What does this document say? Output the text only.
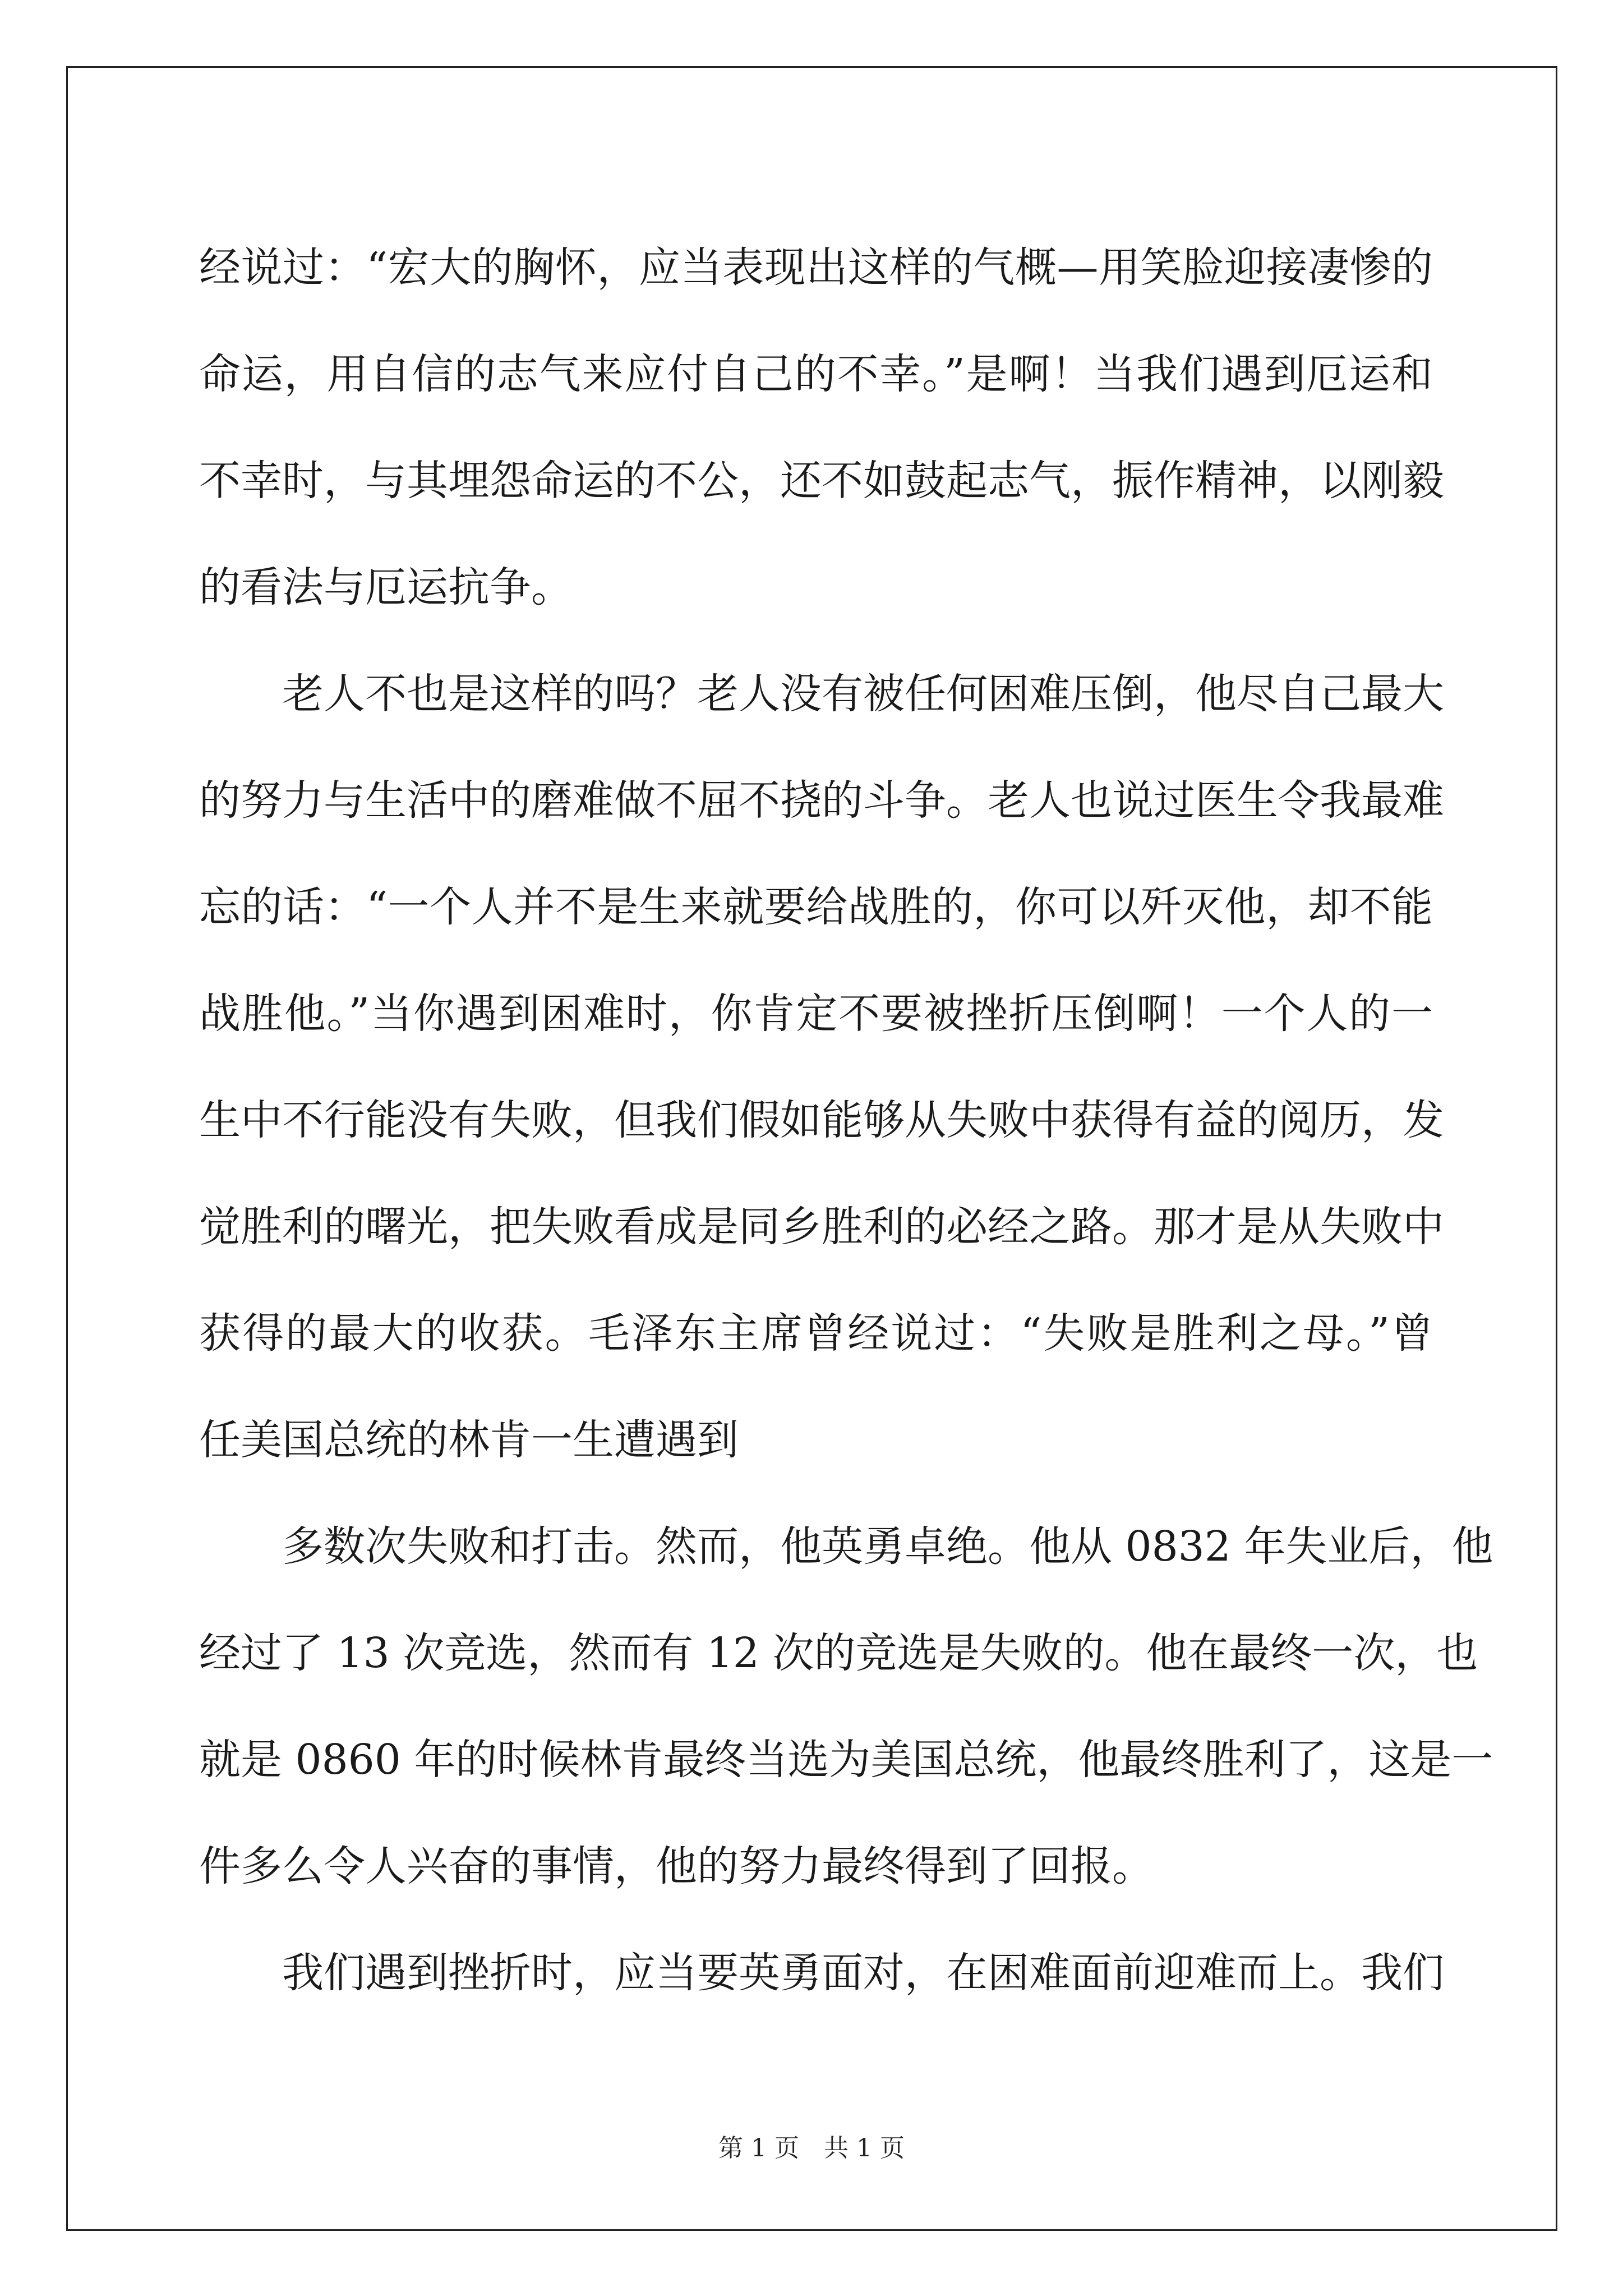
经说过：“宏大的胸怀，应当表现出这样的气概—用笑脸迎接凄惨的
命运，用自信的志气来应付自己的不幸。”是啊！当我们遇到厄运和
不幸时，与其埋怨命运的不公，还不如鼓起志气，振作精神，以刚毅
的看法与厄运抗争。
老人不也是这样的吗？老人没有被任何困难压倒，他尽自己最大
的努力与生活中的磨难做不屈不挠的斗争。老人也说过医生令我最难
忘的话：“一个人并不是生来就要给战胜的，你可以歼灭他，却不能
战胜他。”当你遇到困难时，你肯定不要被挫折压倒啊！一个人的一
生中不行能没有失败，但我们假如能够从失败中获得有益的阅历，发
觉胜利的曙光，把失败看成是同乡胜利的必经之路。那才是从失败中
获得的最大的收获。毛泽东主席曾经说过：“失败是胜利之母。”曾
任美国总统的林肯一生遭遇到
多数次失败和打击。然而，他英勇卓绝。他从 0832 年失业后，他
经过了 13 次竞选，然而有 12 次的竞选是失败的。他在最终一次，也
就是 0860 年的时候林肯最终当选为美国总统，他最终胜利了，这是一
件多么令人兴奋的事情，他的努力最终得到了回报。
我们遇到挫折时，应当要英勇面对，在困难面前迎难而上。我们
第 1 页 共 1 页
